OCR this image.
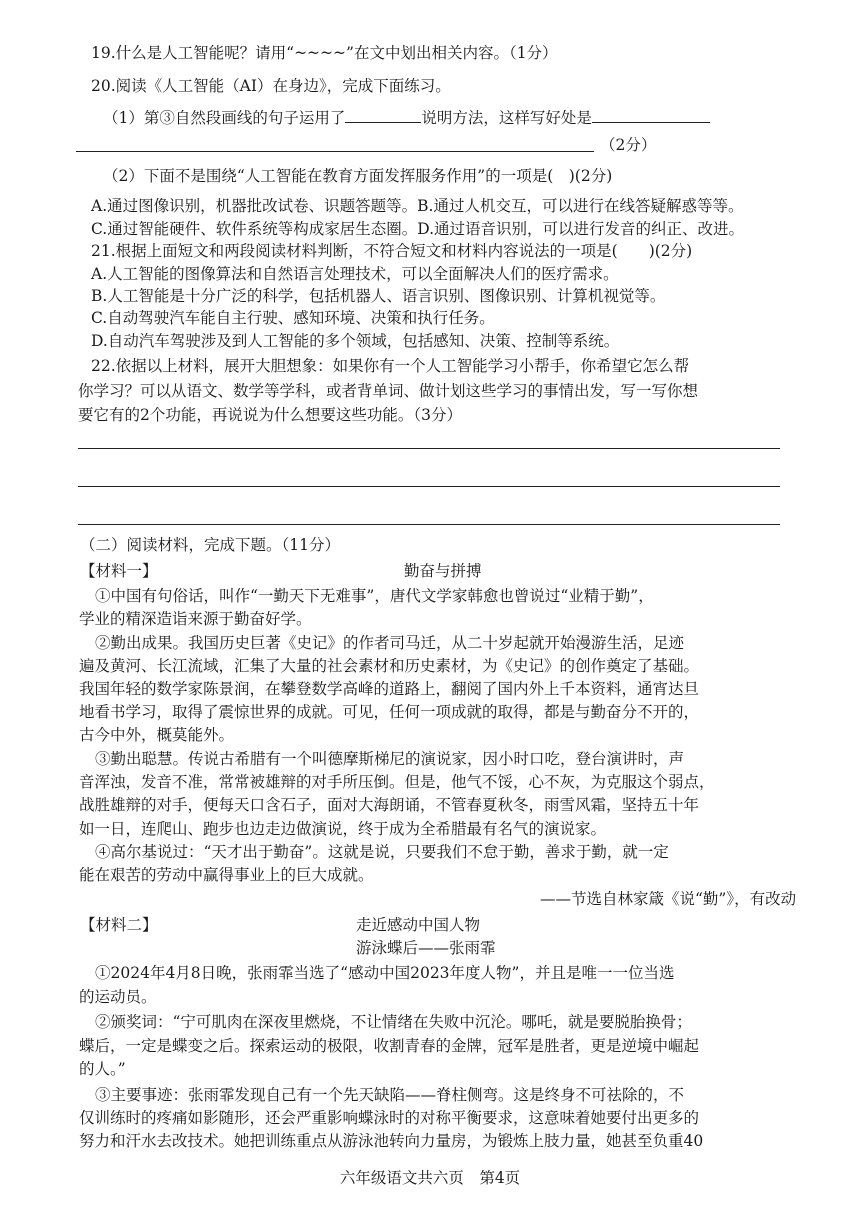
19.什么是人工智能呢？请用“~~~~”在文中划出相关内容。（1分）
20.阅读《人工智能（AI）在身边》，完成下面练习。
（1）第③自然段画线的句子运用了	说明方法，这样写好处是
（2分）
（2）下面不是围绕“人工智能在教育方面发挥服务作用”的一项是(　)(2分)
A.通过图像识别，机器批改试卷、识题答题等。B.通过人机交互，可以进行在线答疑解惑等等。
C.通过智能硬件、软件系统等构成家居生态圈。D.通过语音识别，可以进行发音的纠正、改进。
21.根据上面短文和两段阅读材料判断，不符合短文和材料内容说法的一项是(　　)(2分)
A.人工智能的图像算法和自然语言处理技术，可以全面解决人们的医疗需求。
B.人工智能是十分广泛的科学，包括机器人、语言识别、图像识别、计算机视觉等。
C.自动驾驶汽车能自主行驶、感知环境、决策和执行任务。
D.自动汽车驾驶涉及到人工智能的多个领域，包括感知、决策、控制等系统。
22.依据以上材料，展开大胆想象：如果你有一个人工智能学习小帮手，你希望它怎么帮
你学习？可以从语文、数学等学科，或者背单词、做计划这些学习的事情出发，写一写你想
要它有的2个功能，再说说为什么想要这些功能。（3分）
（二）阅读材料，完成下题。（11分）
【材料一】	勤奋与拼搏
①中国有句俗话，叫作“一勤天下无难事”，唐代文学家韩愈也曾说过“业精于勤”，
学业的精深造诣来源于勤奋好学。
②勤出成果。我国历史巨著《史记》的作者司马迁，从二十岁起就开始漫游生活，足迹
遍及黄河、长江流域，汇集了大量的社会素材和历史素材，为《史记》的创作奠定了基础。
我国年轻的数学家陈景润，在攀登数学高峰的道路上，翻阅了国内外上千本资料，通宵达旦
地看书学习，取得了震惊世界的成就。可见，任何一项成就的取得，都是与勤奋分不开的，
古今中外，概莫能外。
③勤出聪慧。传说古希腊有一个叫德摩斯梯尼的演说家，因小时口吃，登台演讲时，声
音浑浊，发音不准，常常被雄辩的对手所压倒。但是，他气不馁，心不灰，为克服这个弱点，
战胜雄辩的对手，便每天口含石子，面对大海朗诵，不管春夏秋冬，雨雪风霜，坚持五十年
如一日，连爬山、跑步也边走边做演说，终于成为全希腊最有名气的演说家。
④高尔基说过：“天才出于勤奋”。这就是说，只要我们不怠于勤，善求于勤，就一定
能在艰苦的劳动中赢得事业上的巨大成就。
——节选自林家箴《说“勤”》，有改动
【材料二】	走近感动中国人物
游泳蝶后——张雨霏
①2024年4月8日晚，张雨霏当选了“感动中国2023年度人物”，并且是唯一一位当选
的运动员。
②颁奖词：“宁可肌肉在深夜里燃烧，不让情绪在失败中沉沦。哪吒，就是要脱胎换骨；
蝶后，一定是蝶变之后。探索运动的极限，收割青春的金牌，冠军是胜者，更是逆境中崛起
的人。”
③主要事迹：张雨霏发现自己有一个先天缺陷——脊柱侧弯。这是终身不可祛除的，不
仅训练时的疼痛如影随形，还会严重影响蝶泳时的对称平衡要求，这意味着她要付出更多的
努力和汗水去改技术。她把训练重点从游泳池转向力量房，为锻炼上肢力量，她甚至负重40
六年级语文共六页　第4页
